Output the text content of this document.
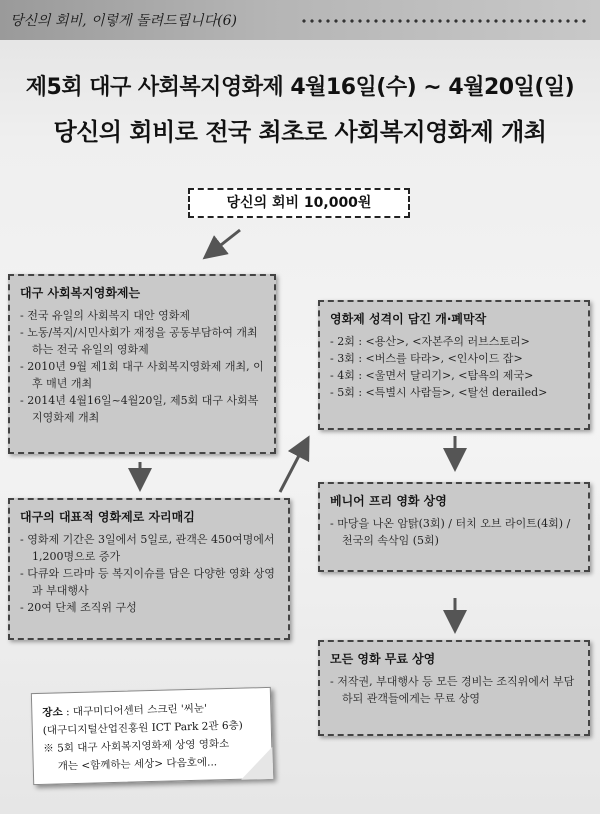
당신의 회비, 이렇게 돌려드립니다(6)
제5회 대구 사회복지영화제 4월16일(수) ~ 4월20일(일)
당신의 회비로 전국 최초로 사회복지영화제 개최
당신의 회비 10,000원
대구 사회복지영화제는
- 전국 유일의 사회복지 대안 영화제
- 노동/복지/시민사회가 재정을 공동부담하여 개최하는 전국 유일의 영화제
- 2010년 9월 제1회 대구 사회복지영화제 개최, 이후 매년 개최
- 2014년 4월16일~4월20일, 제5회 대구 사회복지영화제 개최
대구의 대표적 영화제로 자리매김
- 영화제 기간은 3일에서 5일로, 관객은 450여명에서 1,200명으로 증가
- 다큐와 드라마 등 복지이슈를 담은 다양한 영화 상영과 부대행사
- 20여 단체 조직위 구성
영화제 성격이 담긴 개·폐막작
- 2회 : <용산>, <자본주의 러브스토리>
- 3회 : <버스를 타라>, <인사이드 잡>
- 4회 : <울면서 달리기>, <탐욕의 제국>
- 5회 : <특별시 사람들>, <탈선 derailed>
베니어 프리 영화 상영
- 마당을 나온 암탉(3회) / 터치 오브 라이트(4회) / 천국의 속삭임 (5회)
모든 영화 무료 상영
- 저작권, 부대행사 등 모든 경비는 조직위에서 부담하되 관객들에게는 무료 상영
장소 : 대구미디어센터 스크린 '씨눈'
(대구디지털산업진흥원 ICT Park 2관 6층)
※ 5회 대구 사회복지영화제 상영 영화소
개는 <함께하는 세상> 다음호에...
